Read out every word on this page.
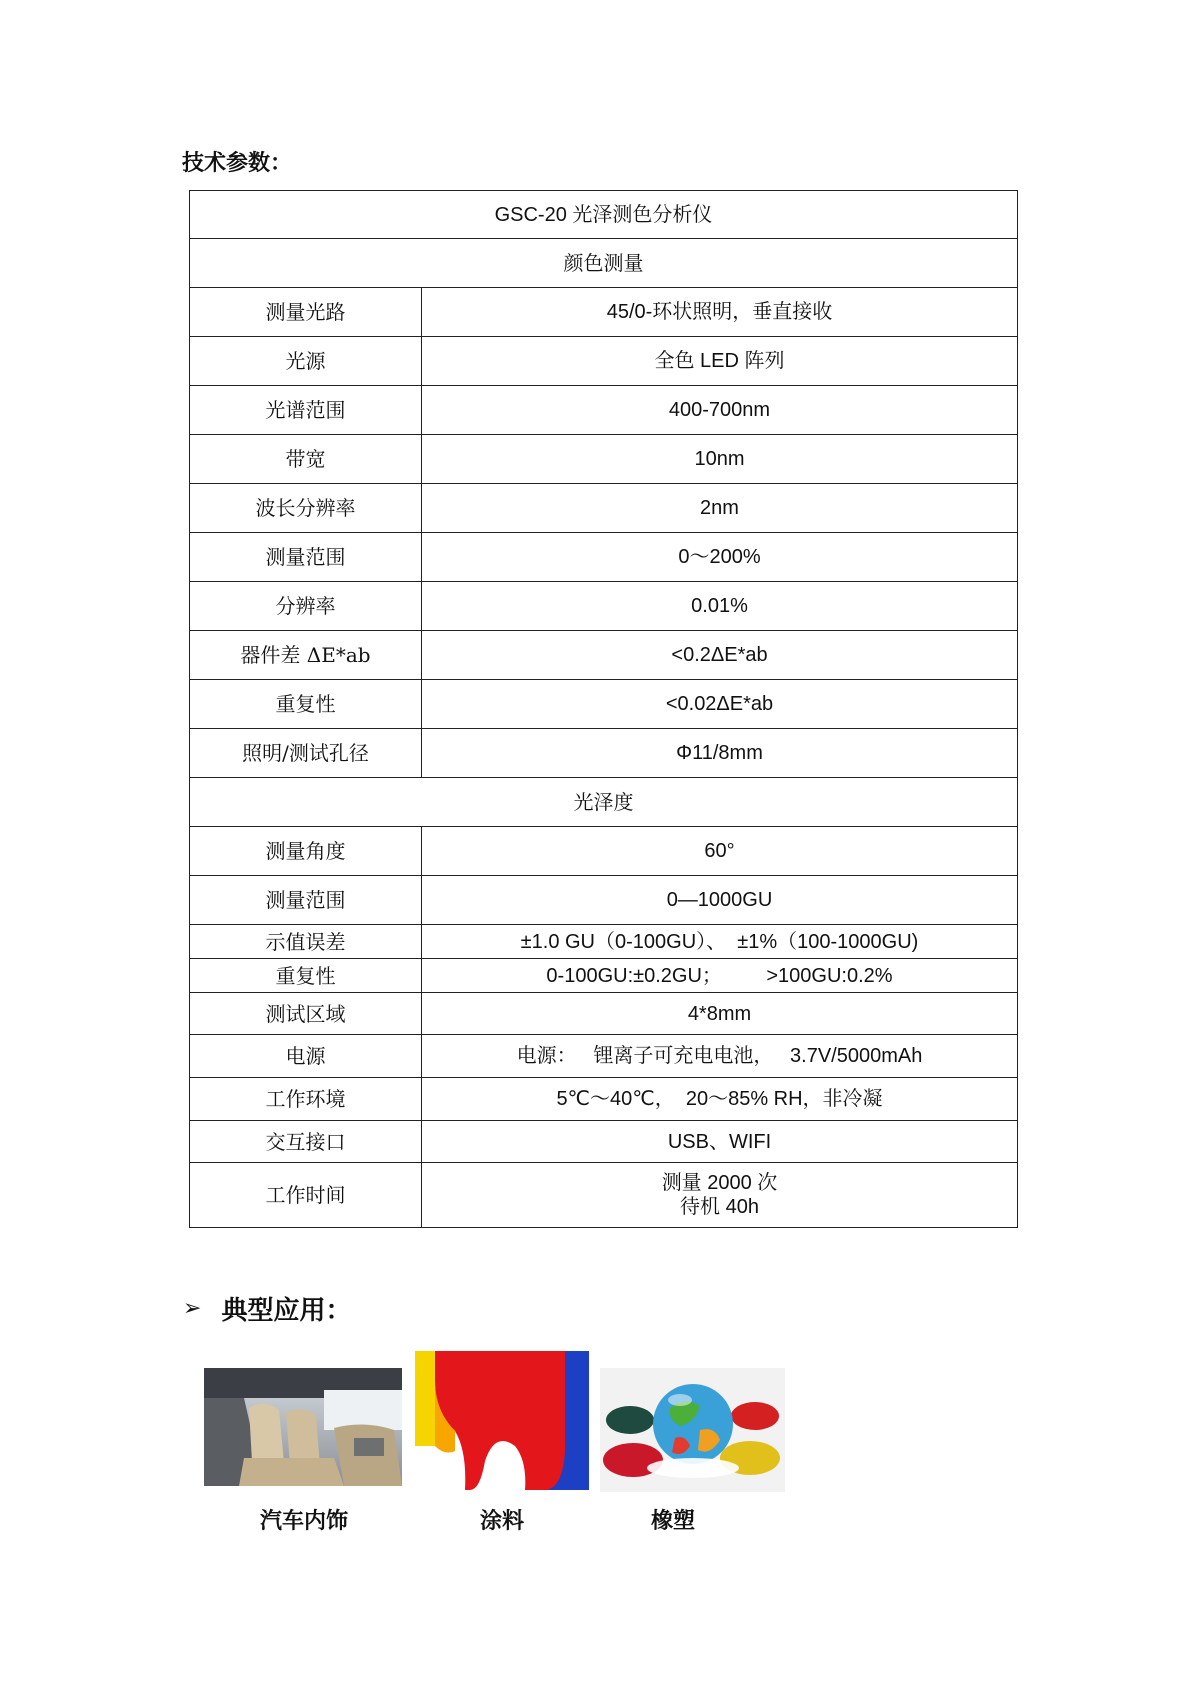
技术参数：
GSC-20 光泽测色分析仪	
颜色测量	
测量光路	45/0-环状照明，垂直接收
光源	全色 LED 阵列
光谱范围	400-700nm
带宽	10nm
波长分辨率	2nm
测量范围	0～200%
分辨率	0.01%
器件差 ΔE*ab	<0.2ΔE*ab
重复性	<0.02ΔE*ab
照明/测试孔径	Φ11/8mm
光泽度	
测量角度	60°
测量范围	0—1000GU
示值误差	±1.0 GU（0-100GU）、  ±1%（100-1000GU)
重复性	0-100GU:±0.2GU；        >100GU:0.2%
测试区域	4*8mm
电源	电源：   锂离子可充电电池，   3.7V/5000mAh
工作环境	5℃～40℃，  20～85% RH，非冷凝
交互接口	USB、WIFI
工作时间	测量 2000 次
待机 40h
➢ 典型应用：
汽车内饰	涂料	橡塑
